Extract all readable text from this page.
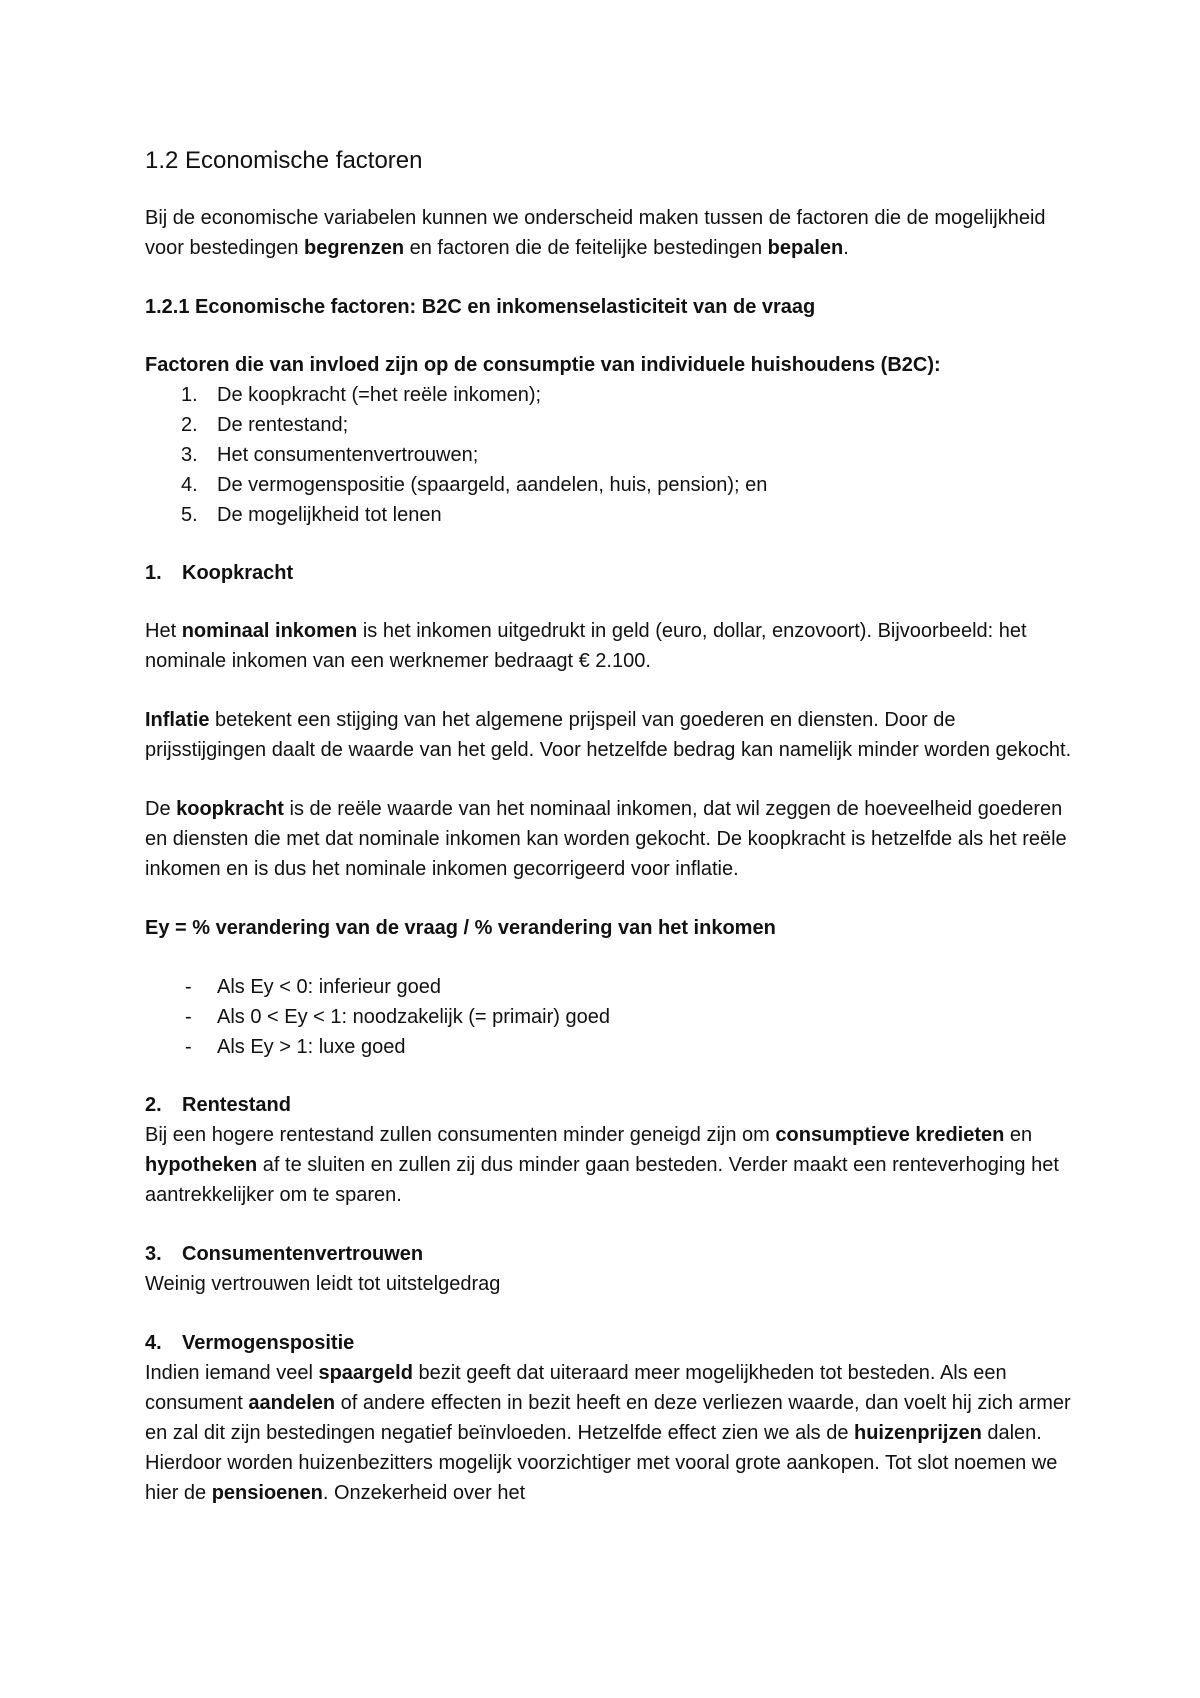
1.2 Economische factoren

Bij de economische variabelen kunnen we onderscheid maken tussen de factoren die de mogelijkheid voor bestedingen begrenzen en factoren die de feitelijke bestedingen bepalen.

1.2.1 Economische factoren: B2C en inkomenselasticiteit van de vraag
Factoren die van invloed zijn op de consumptie van individuele huishoudens (B2C):
1. De koopkracht (=het reële inkomen);
2. De rentestand;
3. Het consumentenvertrouwen;
4. De vermogenspositie (spaargeld, aandelen, huis, pension); en
5. De mogelijkheid tot lenen
1. Koopkracht

Het nominaal inkomen is het inkomen uitgedrukt in geld (euro, dollar, enzovoort). Bijvoorbeeld: het nominale inkomen van een werknemer bedraagt € 2.100.

Inflatie betekent een stijging van het algemene prijspeil van goederen en diensten. Door de prijsstijgingen daalt de waarde van het geld. Voor hetzelfde bedrag kan namelijk minder worden gekocht.

De koopkracht is de reële waarde van het nominaal inkomen, dat wil zeggen de hoeveelheid goederen en diensten die met dat nominale inkomen kan worden gekocht. De koopkracht is hetzelfde als het reële inkomen en is dus het nominale inkomen gecorrigeerd voor inflatie.

Ey = % verandering van de vraag / % verandering van het inkomen

- Als Ey < 0: inferieur goed
- Als 0 < Ey < 1: noodzakelijk (= primair) goed
- Als Ey > 1: luxe goed
2. Rentestand

Bij een hogere rentestand zullen consumenten minder geneigd zijn om consumptieve kredieten en hypotheken af te sluiten en zullen zij dus minder gaan besteden. Verder maakt een renteverhoging het aantrekkelijker om te sparen.

3. Consumentenvertrouwen

Weinig vertrouwen leidt tot uitstelgedrag

4. Vermogenspositie

Indien iemand veel spaargeld bezit geeft dat uiteraard meer mogelijkheden tot besteden. Als een consument aandelen of andere effecten in bezit heeft en deze verliezen waarde, dan voelt hij zich armer en zal dit zijn bestedingen negatief beïnvloeden. Hetzelfde effect zien we als de huizenprijzen dalen. Hierdoor worden huizenbezitters mogelijk voorzichtiger met vooral grote aankopen. Tot slot noemen we hier de pensioenen. Onzekerheid over het
